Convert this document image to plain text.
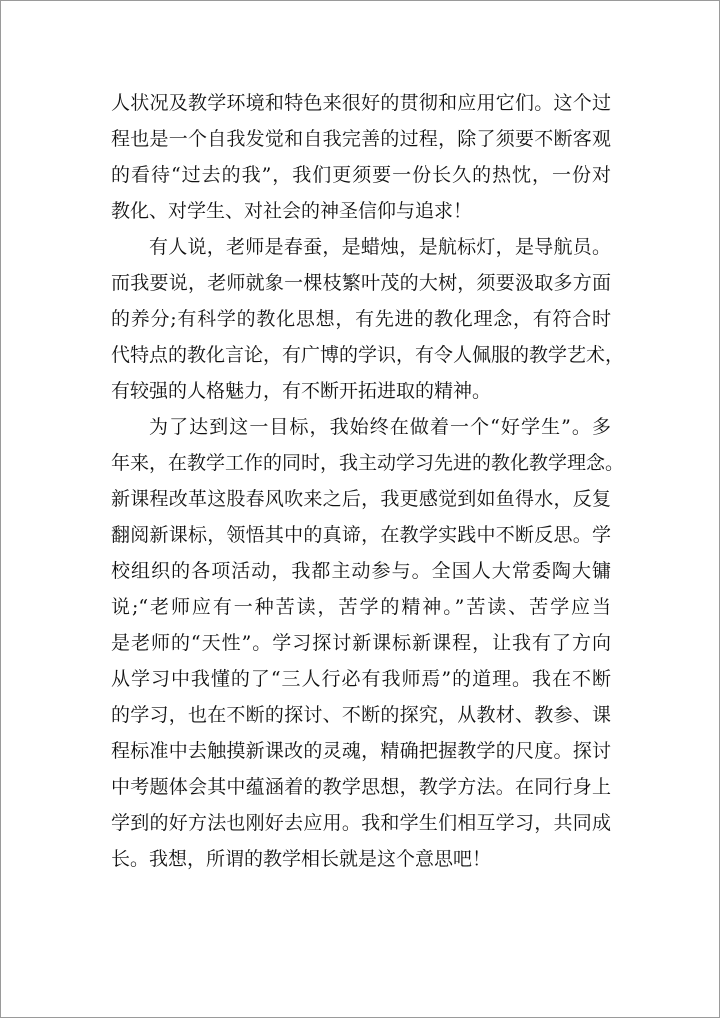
人状况及教学环境和特色来很好的贯彻和应用它们。这个过
程也是一个自我发觉和自我完善的过程，除了须要不断客观
的看待“过去的我”，我们更须要一份长久的热忱，一份对
教化、对学生、对社会的神圣信仰与追求！
有人说，老师是春蚕，是蜡烛，是航标灯，是导航员。
而我要说，老师就象一棵枝繁叶茂的大树，须要汲取多方面
的养分;有科学的教化思想，有先进的教化理念，有符合时
代特点的教化言论，有广博的学识，有令人佩服的教学艺术，
有较强的人格魅力，有不断开拓进取的精神。
为了达到这一目标，我始终在做着一个“好学生”。多
年来，在教学工作的同时，我主动学习先进的教化教学理念。
新课程改革这股春风吹来之后，我更感觉到如鱼得水，反复
翻阅新课标，领悟其中的真谛，在教学实践中不断反思。学
校组织的各项活动，我都主动参与。全国人大常委陶大镛
说;“老师应有一种苦读，苦学的精神。”苦读、苦学应当
是老师的“天性”。学习探讨新课标新课程，让我有了方向
从学习中我懂的了“三人行必有我师焉”的道理。我在不断
的学习，也在不断的探讨、不断的探究，从教材、教参、课
程标准中去触摸新课改的灵魂，精确把握教学的尺度。探讨
中考题体会其中蕴涵着的教学思想，教学方法。在同行身上
学到的好方法也刚好去应用。我和学生们相互学习，共同成
长。我想，所谓的教学相长就是这个意思吧！
